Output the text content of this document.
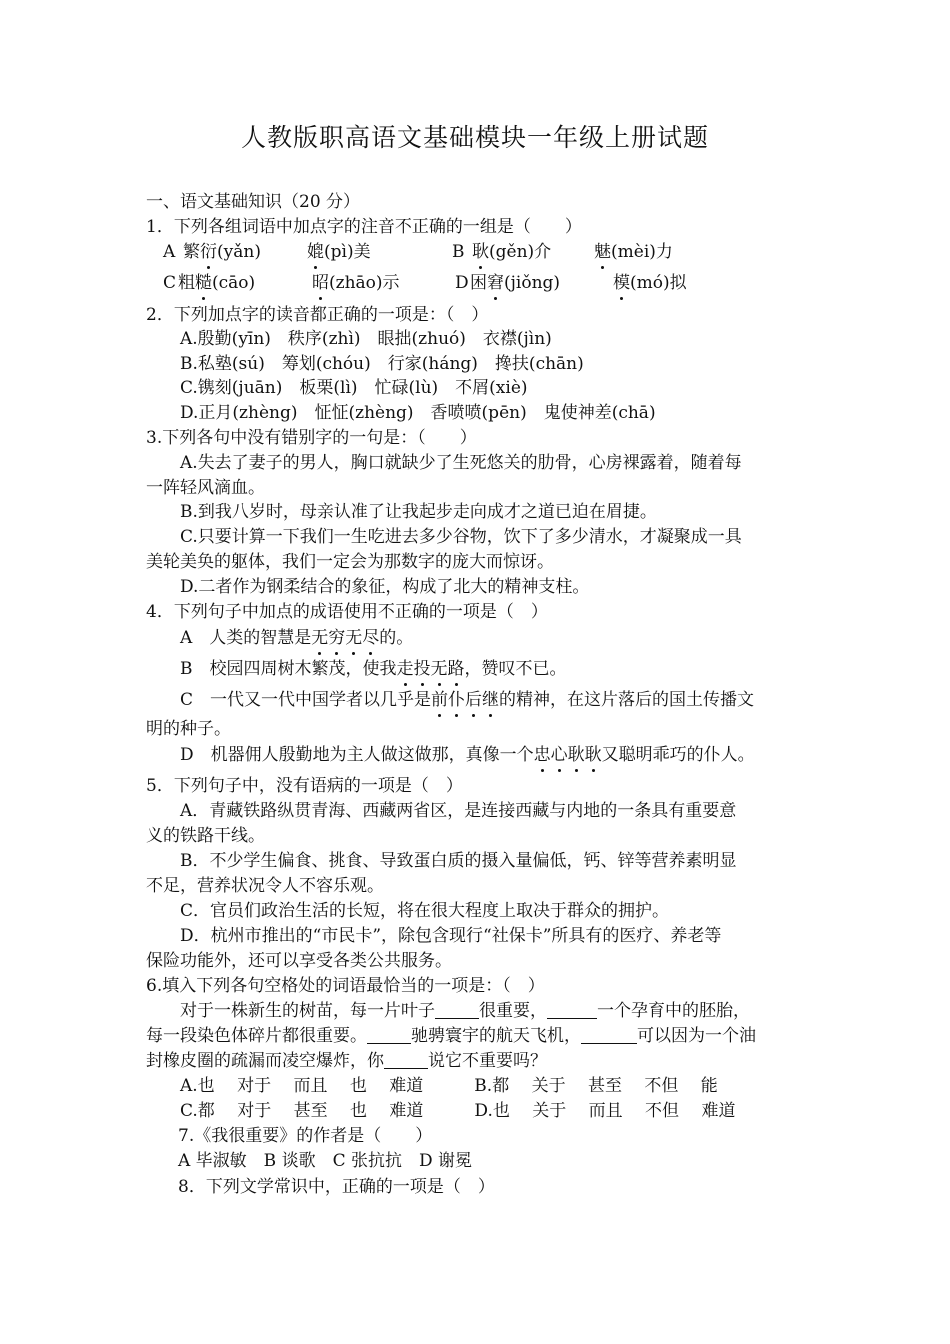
人教版职高语文基础模块一年级上册试题
一、语文基础知识（20 分）
1．下列各组词语中加点字的注音不正确的一组是（　　）
A 繁衍(yǎn)	媲(pì)美	B 耿(gěn)介	魅(mèi)力
C 粗糙(cāo)	昭(zhāo)示	D 困窘(jiǒng)	模(mó)拟
2．下列加点字的读音都正确的一项是：（　）
A.殷勤(yīn)　秩序(zhì)　眼拙(zhuó)　衣襟(jìn)
B.私塾(sú)　筹划(chóu)　行家(háng)　搀扶(chān)
C.镌刻(juān)　板栗(lì)　忙碌(lù)　不屑(xiè)
D.正月(zhèng)　怔怔(zhèng)　香喷喷(pēn)　鬼使神差(chā)
3.下列各句中没有错别字的一句是：（　　）
A.失去了妻子的男人，胸口就缺少了生死悠关的肋骨，心房裸露着，随着每
一阵轻风滴血。
B.到我八岁时，母亲认准了让我起步走向成才之道已迫在眉捷。
C.只要计算一下我们一生吃进去多少谷物，饮下了多少清水，才凝聚成一具
美轮美奂的躯体，我们一定会为那数字的庞大而惊讶。
D.二者作为钢柔结合的象征，构成了北大的精神支柱。
4．下列句子中加点的成语使用不正确的一项是（　）
A　人类的智慧是无穷无尽的。
B　校园四周树木繁茂，使我走投无路，赞叹不已。
C　一代又一代中国学者以几乎是前仆后继的精神，在这片落后的国土传播文
明的种子。
D　机器佣人殷勤地为主人做这做那，真像一个忠心耿耿又聪明乖巧的仆人。
5．下列句子中，没有语病的一项是（　）
A．青藏铁路纵贯青海、西藏两省区，是连接西藏与内地的一条具有重要意
义的铁路干线。
B．不少学生偏食、挑食、导致蛋白质的摄入量偏低，钙、锌等营养素明显
不足，营养状况令人不容乐观。
C．官员们政治生活的长短，将在很大程度上取决于群众的拥护。
D．杭州市推出的“市民卡”，除包含现行“社保卡”所具有的医疗、养老等
保险功能外，还可以享受各类公共服务。
6.填入下列各句空格处的词语最恰当的一项是：（　）
对于一株新生的树苗，每一片叶子	很重要，	一个孕育中的胚胎，
每一段染色体碎片都很重要。	驰骋寰宇的航天飞机，	可以因为一个油
封橡皮圈的疏漏而凌空爆炸，你	说它不重要吗？
A.也　 对于　 而且　 也　 难道　　　B.都　 关于　 甚至　 不但　 能
C.都　 对于　 甚至　 也　 难道　　　D.也　 关于　 而且　 不但　 难道
7.《我很重要》的作者是（　　）
A 毕淑敏　B 谈歌　C 张抗抗　D 谢冕
8．下列文学常识中，正确的一项是（　）
